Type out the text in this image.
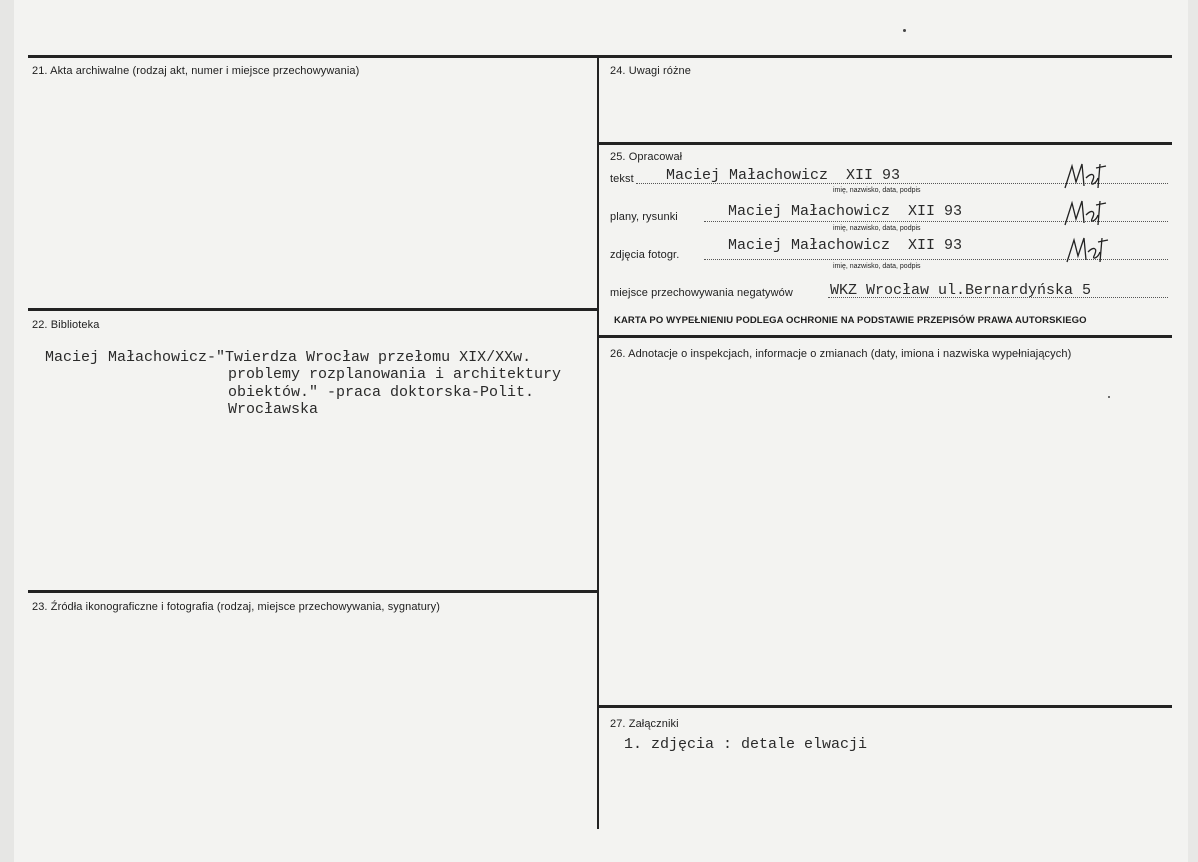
21. Akta archiwalne (rodzaj akt, numer i miejsce przechowywania)
22. Biblioteka
Maciej Małachowicz-"Twierdza Wrocław przełomu XIX/XXw.
problemy rozplanowania i architektury
obiektów." -praca doktorska-Polit.
Wrocławska
23. Źródła ikonograficzne i fotografia (rodzaj, miejsce przechowywania, sygnatury)
24. Uwagi różne
25. Opracował
tekst Maciej Małachowicz  XII 93
imię, nazwisko, data, podpis
plany, rysunki	Maciej Małachowicz  XII 93
imię, nazwisko, data, podpis
zdjęcia fotogr.
Maciej Małachowicz  XII 93
imię, nazwisko, data, podpis
miejsce przechowywania negatywów WKZ Wrocław ul.Bernardyńska 5
KARTA PO WYPEŁNIENIU PODLEGA OCHRONIE NA PODSTAWIE PRZEPISÓW PRAWA AUTORSKIEGO
26. Adnotacje o inspekcjach, informacje o zmianach (daty, imiona i nazwiska wypełniających)
27. Załączniki
1. zdjęcia : detale elwacji
